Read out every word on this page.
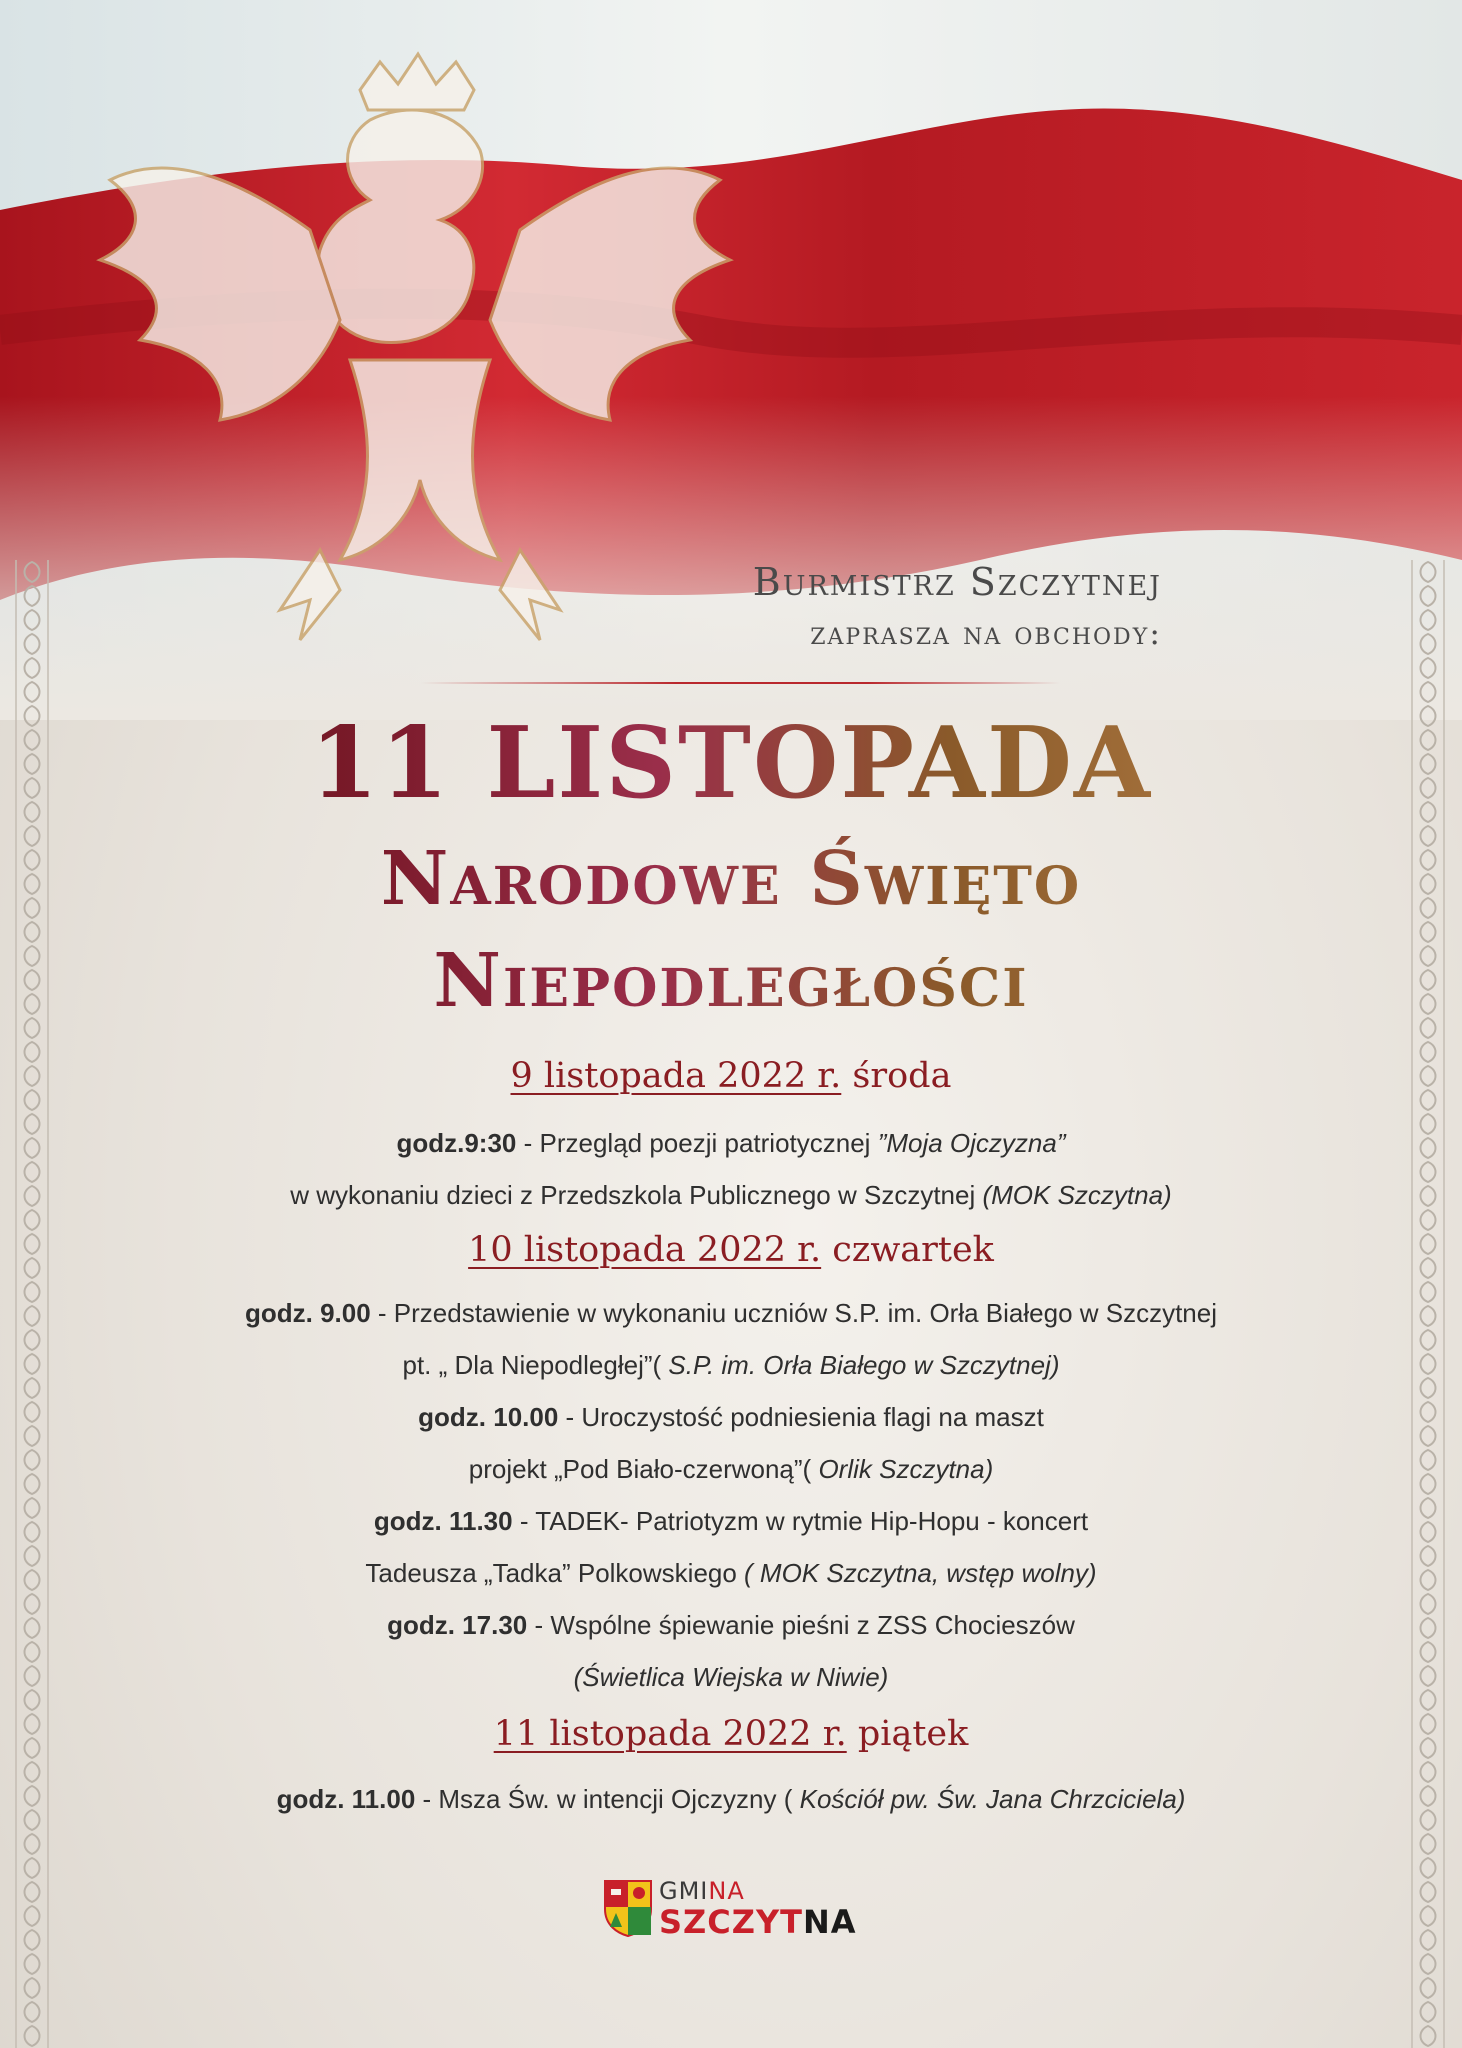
Burmistrz Szczytnej
zaprasza na obchody:
11 LISTOPADA
Narodowe Święto
Niepodległości
9 listopada 2022 r. środa
godz.9:30 - Przegląd poezji patriotycznej ”Moja Ojczyzna”
w wykonaniu dzieci z Przedszkola Publicznego w Szczytnej (MOK Szczytna)
10 listopada 2022 r. czwartek
godz. 9.00 - Przedstawienie w wykonaniu uczniów S.P. im. Orła Białego w Szczytnej
pt. „ Dla Niepodległej”( S.P. im. Orła Białego w Szczytnej)
godz. 10.00 - Uroczystość podniesienia flagi na maszt
projekt „Pod Biało-czerwoną”( Orlik Szczytna)
godz. 11.30 - TADEK- Patriotyzm w rytmie Hip-Hopu - koncert
Tadeusza „Tadka” Polkowskiego ( MOK Szczytna, wstęp wolny)
godz. 17.30 - Wspólne śpiewanie pieśni z ZSS Chocieszów
(Świetlica Wiejska w Niwie)
11 listopada 2022 r. piątek
godz. 11.00 - Msza Św. w intencji Ojczyzny ( Kościół pw. Św. Jana Chrzciciela)
GMINA
SZCZYTNA
